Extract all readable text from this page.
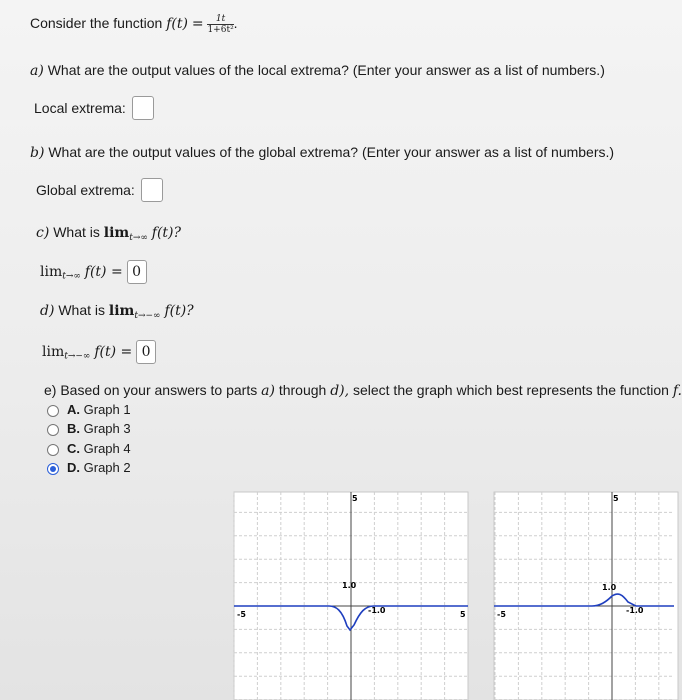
Consider the function $f(t) = \frac{1t}{\text{1+6t²}}$ .
a) What are the output values of the local extrema? (Enter your answer as a list of numbers.)
Local extrema:
b) What are the output values of the global extrema? (Enter your answer as a list of numbers.)
Global extrema:
c) What is $\lim_{t\to\infty} f(t)$?
$\lim_{t\to\infty} f(t) = 0$
d) What is $\lim_{t\to-\infty} f(t)$?
$\lim_{t\to-\infty} f(t) = 0$
e) Based on your answers to parts a) through d), select the graph which best represents the function f.
A. Graph 1
B. Graph 3
C. Graph 4
D. Graph 2
5
-5	5
1.0
-1.0
5
-5
1.0
-1.0
